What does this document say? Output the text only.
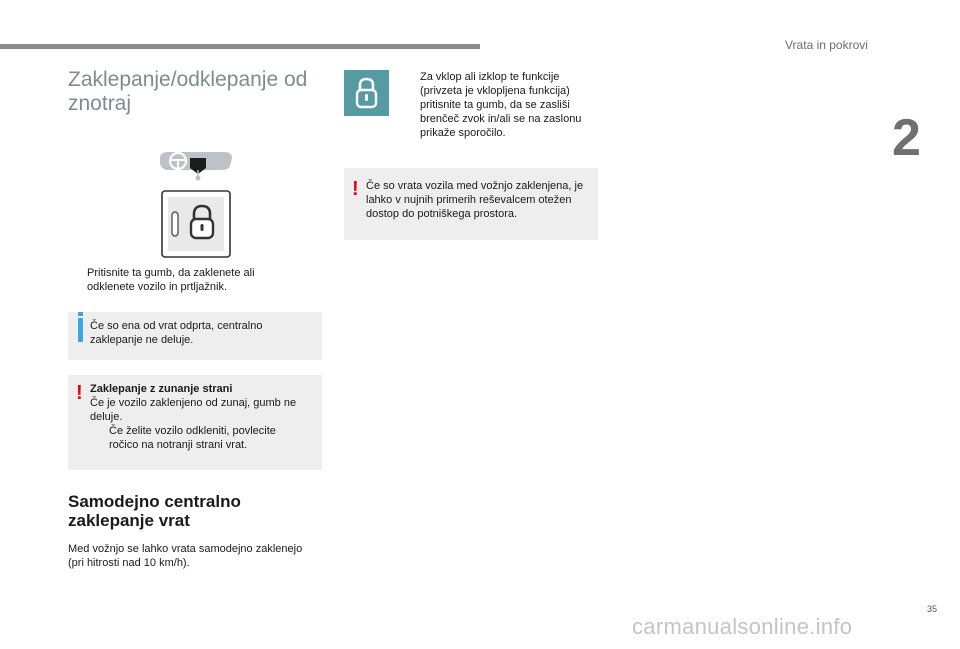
Vrata in pokrovi
2
Zaklepanje/odklepanje od znotraj
Pritisnite ta gumb, da zaklenete ali odklenete vozilo in prtljažnik.
Če so ena od vrat odprta, centralno zaklepanje ne deluje.
! Zaklepanje z zunanje strani
Če je vozilo zaklenjeno od zunaj, gumb ne deluje.
Če želite vozilo odkleniti, povlecite ročico na notranji strani vrat.
Samodejno centralno zaklepanje vrat
Med vožnjo se lahko vrata samodejno zaklenejo (pri hitrosti nad 10 km/h).
Za vklop ali izklop te funkcije (privzeta je vklopljena funkcija) pritisnite ta gumb, da se zasliši brenčeč zvok in/ali se na zaslonu prikaže sporočilo.
! Če so vrata vozila med vožnjo zaklenjena, je lahko v nujnih primerih reševalcem otežen dostop do potniškega prostora.
35
carmanualsonline.info
